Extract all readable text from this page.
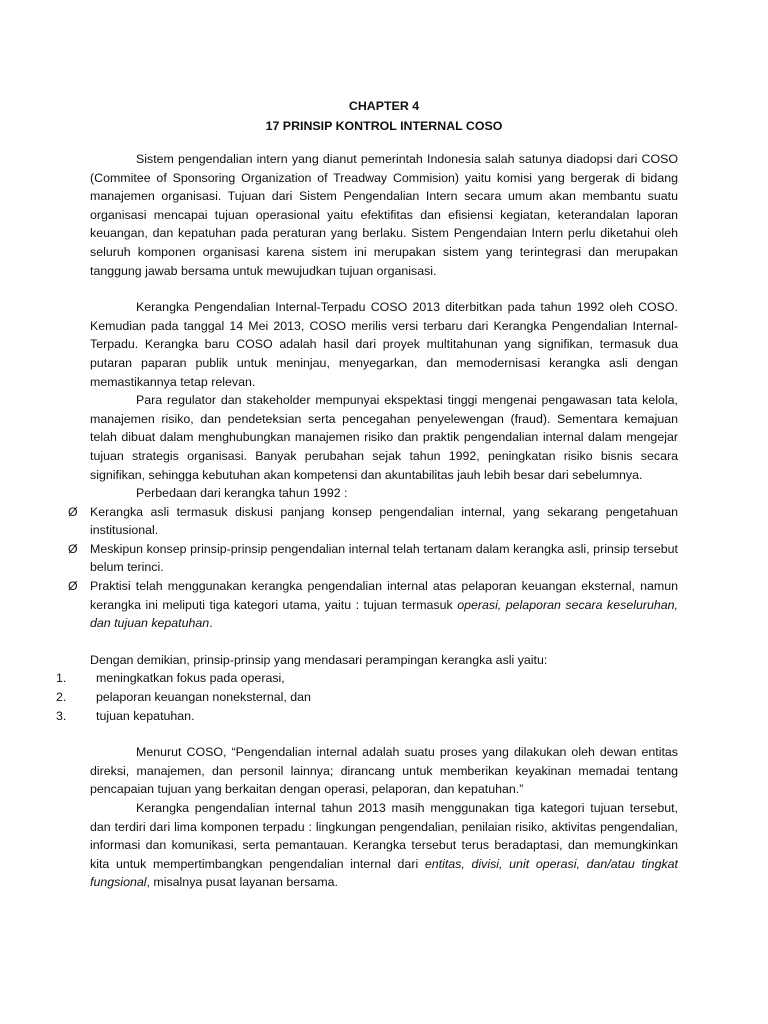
CHAPTER 4
17 PRINSIP KONTROL INTERNAL COSO

Sistem pengendalian intern yang dianut pemerintah Indonesia salah satunya diadopsi dari COSO (Commitee of Sponsoring Organization of Treadway Commision) yaitu komisi yang bergerak di bidang manajemen organisasi. Tujuan dari Sistem Pengendalian Intern secara umum akan membantu suatu organisasi mencapai tujuan operasional yaitu efektifitas dan efisiensi kegiatan, keterandalan laporan keuangan, dan kepatuhan pada peraturan yang berlaku. Sistem Pengendaian Intern perlu diketahui oleh seluruh komponen organisasi karena sistem ini merupakan sistem yang terintegrasi dan merupakan tanggung jawab bersama untuk mewujudkan tujuan organisasi.

Kerangka Pengendalian Internal-Terpadu COSO 2013 diterbitkan pada tahun 1992 oleh COSO. Kemudian pada tanggal 14 Mei 2013, COSO merilis versi terbaru dari Kerangka Pengendalian Internal-Terpadu. Kerangka baru COSO adalah hasil dari proyek multitahunan yang signifikan, termasuk dua putaran paparan publik untuk meninjau, menyegarkan, dan memodernisasi kerangka asli dengan memastikannya tetap relevan.

Para regulator dan stakeholder mempunyai ekspektasi tinggi mengenai pengawasan tata kelola, manajemen risiko, dan pendeteksian serta pencegahan penyelewengan (fraud). Sementara kemajuan telah dibuat dalam menghubungkan manajemen risiko dan praktik pengendalian internal dalam mengejar tujuan strategis organisasi. Banyak perubahan sejak tahun 1992, peningkatan risiko bisnis secara signifikan, sehingga kebutuhan akan kompetensi dan akuntabilitas jauh lebih besar dari sebelumnya.

Perbedaan dari kerangka tahun 1992 :

Ø Kerangka asli termasuk diskusi panjang konsep pengendalian internal, yang sekarang pengetahuan institusional.
Ø Meskipun konsep prinsip-prinsip pengendalian internal telah tertanam dalam kerangka asli, prinsip tersebut belum terinci.
Ø Praktisi telah menggunakan kerangka pengendalian internal atas pelaporan keuangan eksternal, namun kerangka ini meliputi tiga kategori utama, yaitu : tujuan termasuk operasi, pelaporan secara keseluruhan, dan tujuan kepatuhan.

Dengan demikian, prinsip-prinsip yang mendasari perampingan kerangka asli yaitu:

1. meningkatkan fokus pada operasi,
2. pelaporan keuangan noneksternal, dan
3. tujuan kepatuhan.

Menurut COSO, “Pengendalian internal adalah suatu proses yang dilakukan oleh dewan entitas direksi, manajemen, dan personil lainnya; dirancang untuk memberikan keyakinan memadai tentang pencapaian tujuan yang berkaitan dengan operasi, pelaporan, dan kepatuhan.”

Kerangka pengendalian internal tahun 2013 masih menggunakan tiga kategori tujuan tersebut, dan terdiri dari lima komponen terpadu : lingkungan pengendalian, penilaian risiko, aktivitas pengendalian, informasi dan komunikasi, serta pemantauan. Kerangka tersebut terus beradaptasi, dan memungkinkan kita untuk mempertimbangkan pengendalian internal dari entitas, divisi, unit operasi, dan/atau tingkat fungsional, misalnya pusat layanan bersama.
